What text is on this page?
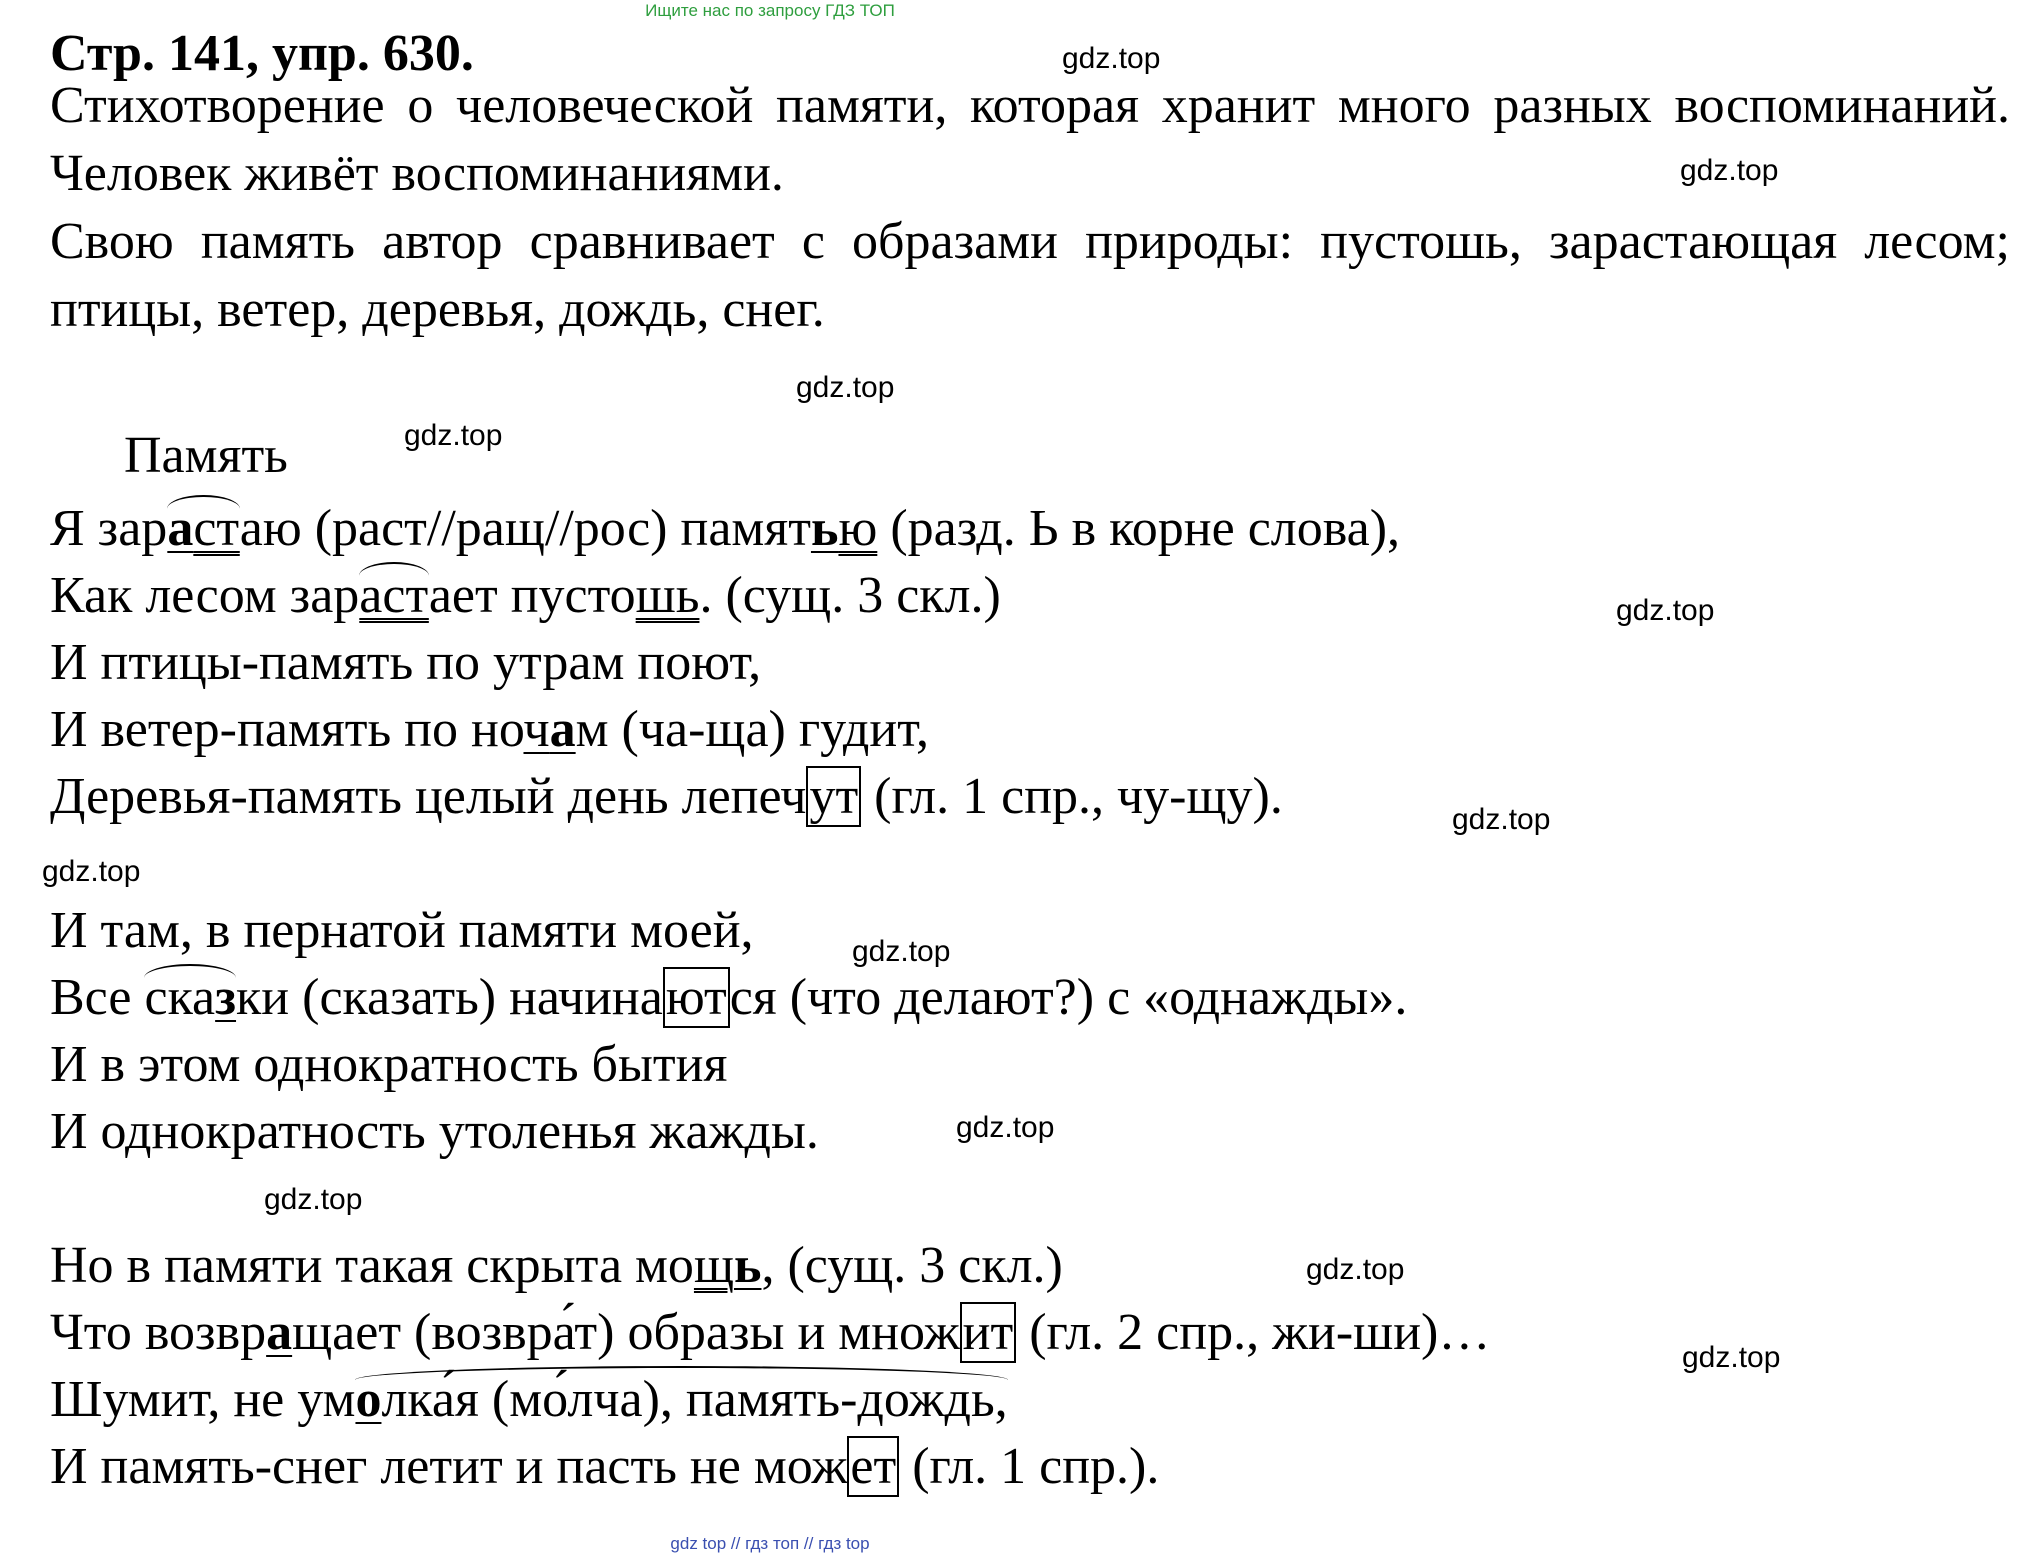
Ищите нас по запросу ГДЗ ТОП
Стр. 141, упр. 630.
Стихотворение о человеческой памяти, которая хранит много разных воспоминаний. Человек живёт воспоминаниями.
Свою память автор сравнивает с образами природы: пустошь, зарастающая лесом; птицы, ветер, деревья, дождь, снег.
Память
Я зарастаю (раст//ращ//рос) памятью (разд. Ь в корне слова),
Как лесом зарастает пустошь. (сущ. 3 скл.)
И птицы-память по утрам поют,
И ветер-память по ночам (ча-ща) гудит,
Деревья-память целый день лепечут (гл. 1 спр., чу-щу).
И там, в пернатой памяти моей,
Все сказки (сказать) начинаются (что делают?) с «однажды».
И в этом однократность бытия
И однократность утоленья жажды.
Но в памяти такая скрыта мощь, (сущ. 3 скл.)
Что возвращает (возвра́т) образы и множит (гл. 2 спр., жи-ши)…
Шумит, не умолка́я (мо́лча), память-дождь,
И память-снег летит и пасть не может (гл. 1 спр.).
gdz.top
gdz.top
gdz.top
gdz.top
gdz.top
gdz.top
gdz.top
gdz.top
gdz.top
gdz.top
gdz.top
gdz.top
gdz top // гдз топ // гдз top
